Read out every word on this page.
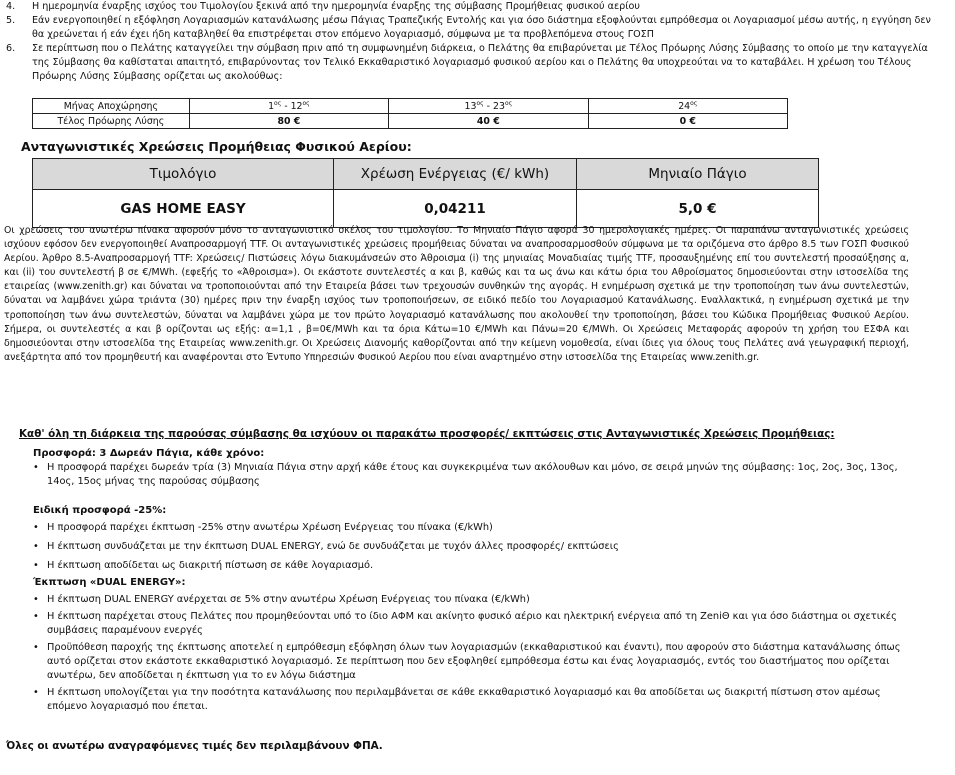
4.	Η ημερομηνία έναρξης ισχύος του Τιμολογίου ξεκινά από την ημερομηνία έναρξης της σύμβασης Προμήθειας φυσικού αερίου
5.	Εάν ενεργοποιηθεί η εξόφληση Λογαριασμών κατανάλωσης μέσω Πάγιας Τραπεζικής Εντολής και για όσο διάστημα εξοφλούνται εμπρόθεσμα οι Λογαριασμοί μέσω αυτής, η εγγύηση δεν θα χρεώνεται ή εάν έχει ήδη καταβληθεί θα επιστρέφεται στον επόμενο λογαριασμό, σύμφωνα με τα προβλεπόμενα στους ΓΟΣΠ
6.	Σε περίπτωση που ο Πελάτης καταγγείλει την σύμβαση πριν από τη συμφωνημένη διάρκεια, ο Πελάτης θα επιβαρύνεται με Τέλος Πρόωρης Λύσης Σύμβασης το οποίο με την καταγγελία της Σύμβασης θα καθίσταται απαιτητό, επιβαρύνοντας τον Τελικό Εκκαθαριστικό λογαριασμό φυσικού αερίου και ο Πελάτης θα υποχρεούται να το καταβάλει. Η χρέωση του Τέλους Πρόωρης Λύσης Σύμβασης ορίζεται ως ακολούθως:
Μήνας Αποχώρησης	$1^{o\varsigma} - 12^{o\varsigma}$	$13^{o\varsigma} - 23^{o\varsigma}$	$24^{o\varsigma}$
Τέλος Πρόωρης Λύσης	80 €	40 €	0 €
Ανταγωνιστικές Χρεώσεις Προμήθειας Φυσικού Αερίου:
Τιμολόγιο	Χρέωση Ενέργειας (€/ kWh)	Μηνιαίο Πάγιο
GAS HOME EASY	0,04211	5,0 €
Οι χρεώσεις του ανωτέρω πίνακα αφορούν μόνο το ανταγωνιστικό σκέλος του τιμολογίου. Το Μηνιαίο Πάγιο αφορά 30 ημερολογιακές ημέρες. Οι παραπάνω ανταγωνιστικές χρεώσεις ισχύουν εφόσον δεν ενεργοποιηθεί Αναπροσαρμογή TTF. Οι ανταγωνιστικές χρεώσεις προμήθειας δύναται να αναπροσαρμοσθούν σύμφωνα με τα οριζόμενα στο άρθρο 8.5 των ΓΟΣΠ Φυσικού Αερίου. Άρθρο 8.5-Αναπροσαρμογή TTF: Χρεώσεις/ Πιστώσεις λόγω διακυμάνσεών στο Άθροισμα (i) της μηνιαίας Μοναδιαίας τιμής TTF, προσαυξημένης επί του συντελεστή προσαύξησης α, και (ii) του συντελεστή β σε €/MWh. (εφεξής το «Άθροισμα»). Οι εκάστοτε συντελεστές α και β, καθώς και τα ως άνω και κάτω όρια του Αθροίσματος δημοσιεύονται στην ιστοσελίδα της εταιρείας (www.zenith.gr) και δύναται να τροποποιούνται από την Εταιρεία βάσει των τρεχουσών συνθηκών της αγοράς. Η ενημέρωση σχετικά με την τροποποίηση των άνω συντελεστών, δύναται να λαμβάνει χώρα τριάντα (30) ημέρες πριν την έναρξη ισχύος των τροποποιήσεων, σε ειδικό πεδίο του Λογαριασμού Κατανάλωσης. Εναλλακτικά, η ενημέρωση σχετικά με την τροποποίηση των άνω συντελεστών, δύναται να λαμβάνει χώρα με τον πρώτο λογαριασμό κατανάλωσης που ακολουθεί την τροποποίηση, βάσει του Κώδικα Προμήθειας Φυσικού Αερίου. Σήμερα, οι συντελεστές α και β ορίζονται ως εξής: α=1,1 , β=0€/MWh και τα όρια Κάτω=10 €/MWh και Πάνω=20 €/MWh. Οι Χρεώσεις Μεταφοράς αφορούν τη χρήση του ΕΣΦΑ και δημοσιεύονται στην ιστοσελίδα της Εταιρείας www.zenith.gr. Οι Χρεώσεις Διανομής καθορίζονται από την κείμενη νομοθεσία, είναι ίδιες για όλους τους Πελάτες ανά γεωγραφική περιοχή, ανεξάρτητα από τον προμηθευτή και αναφέρονται στο Έντυπο Υπηρεσιών Φυσικού Αερίου που είναι αναρτημένο στην ιστοσελίδα της Εταιρείας www.zenith.gr.
Καθ' όλη τη διάρκεια της παρούσας σύμβασης θα ισχύουν οι παρακάτω προσφορές/ εκπτώσεις στις Ανταγωνιστικές Χρεώσεις Προμήθειας:
Προσφορά: 3 Δωρεάν Πάγια, κάθε χρόνο:
• Η προσφορά παρέχει δωρεάν τρία (3) Μηνιαία Πάγια στην αρχή κάθε έτους και συγκεκριμένα των ακόλουθων και μόνο, σε σειρά μηνών της σύμβασης: 1ος, 2ος, 3ος, 13ος, 14ος, 15ος μήνας της παρούσας σύμβασης
Ειδική προσφορά -25%:
• Η προσφορά παρέχει έκπτωση -25% στην ανωτέρω Χρέωση Ενέργειας του πίνακα (€/kWh)
• Η έκπτωση συνδυάζεται με την έκπτωση DUAL ENERGY, ενώ δε συνδυάζεται με τυχόν άλλες προσφορές/ εκπτώσεις
• Η έκπτωση αποδίδεται ως διακριτή πίστωση σε κάθε λογαριασμό.
Έκπτωση «DUAL ENERGY»:
• Η έκπτωση DUAL ENERGY ανέρχεται σε 5% στην ανωτέρω Χρέωση Ενέργειας του πίνακα (€/kWh)
• Η έκπτωση παρέχεται στους Πελάτες που προμηθεύονται υπό το ίδιο ΑΦΜ και ακίνητο φυσικό αέριο και ηλεκτρική ενέργεια από τη ZeniΘ και για όσο διάστημα οι σχετικές συμβάσεις παραμένουν ενεργές
• Προϋπόθεση παροχής της έκπτωσης αποτελεί η εμπρόθεσμη εξόφληση όλων των λογαριασμών (εκκαθαριστικού και έναντι), που αφορούν στο διάστημα κατανάλωσης όπως αυτό ορίζεται στον εκάστοτε εκκαθαριστικό λογαριασμό. Σε περίπτωση που δεν εξοφληθεί εμπρόθεσμα έστω και ένας λογαριασμός, εντός του διαστήματος που ορίζεται ανωτέρω, δεν αποδίδεται η έκπτωση για το εν λόγω διάστημα
• Η έκπτωση υπολογίζεται για την ποσότητα κατανάλωσης που περιλαμβάνεται σε κάθε εκκαθαριστικό λογαριασμό και θα αποδίδεται ως διακριτή πίστωση στον αμέσως επόμενο λογαριασμό που έπεται.
Όλες οι ανωτέρω αναγραφόμενες τιμές δεν περιλαμβάνουν ΦΠΑ.
